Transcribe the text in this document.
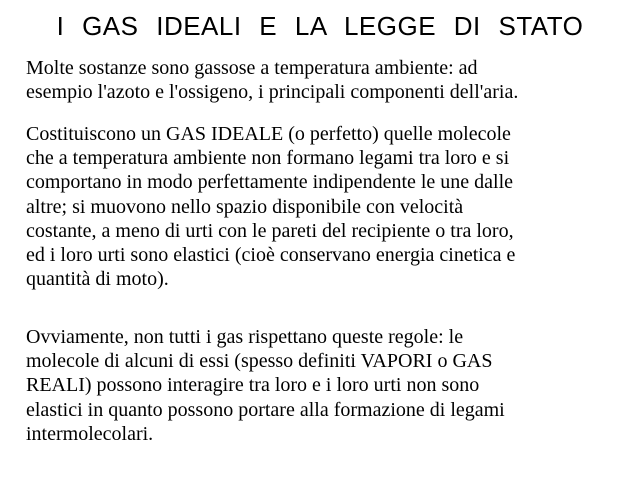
I GAS IDEALI E LA LEGGE DI STATO

Molte sostanze sono gassose a temperatura ambiente: ad
esempio l'azoto e l'ossigeno, i principali componenti dell'aria.

Costituiscono un GAS IDEALE (o perfetto) quelle molecole
che a temperatura ambiente non formano legami tra loro e si
comportano in modo perfettamente indipendente le une dalle
altre; si muovono nello spazio disponibile con velocità
costante, a meno di urti con le pareti del recipiente o tra loro,
ed i loro urti sono elastici (cioè conservano energia cinetica e
quantità di moto).

Ovviamente, non tutti i gas rispettano queste regole: le
molecole di alcuni di essi (spesso definiti VAPORI o GAS
REALI) possono interagire tra loro e i loro urti non sono
elastici in quanto possono portare alla formazione di legami
intermolecolari.
